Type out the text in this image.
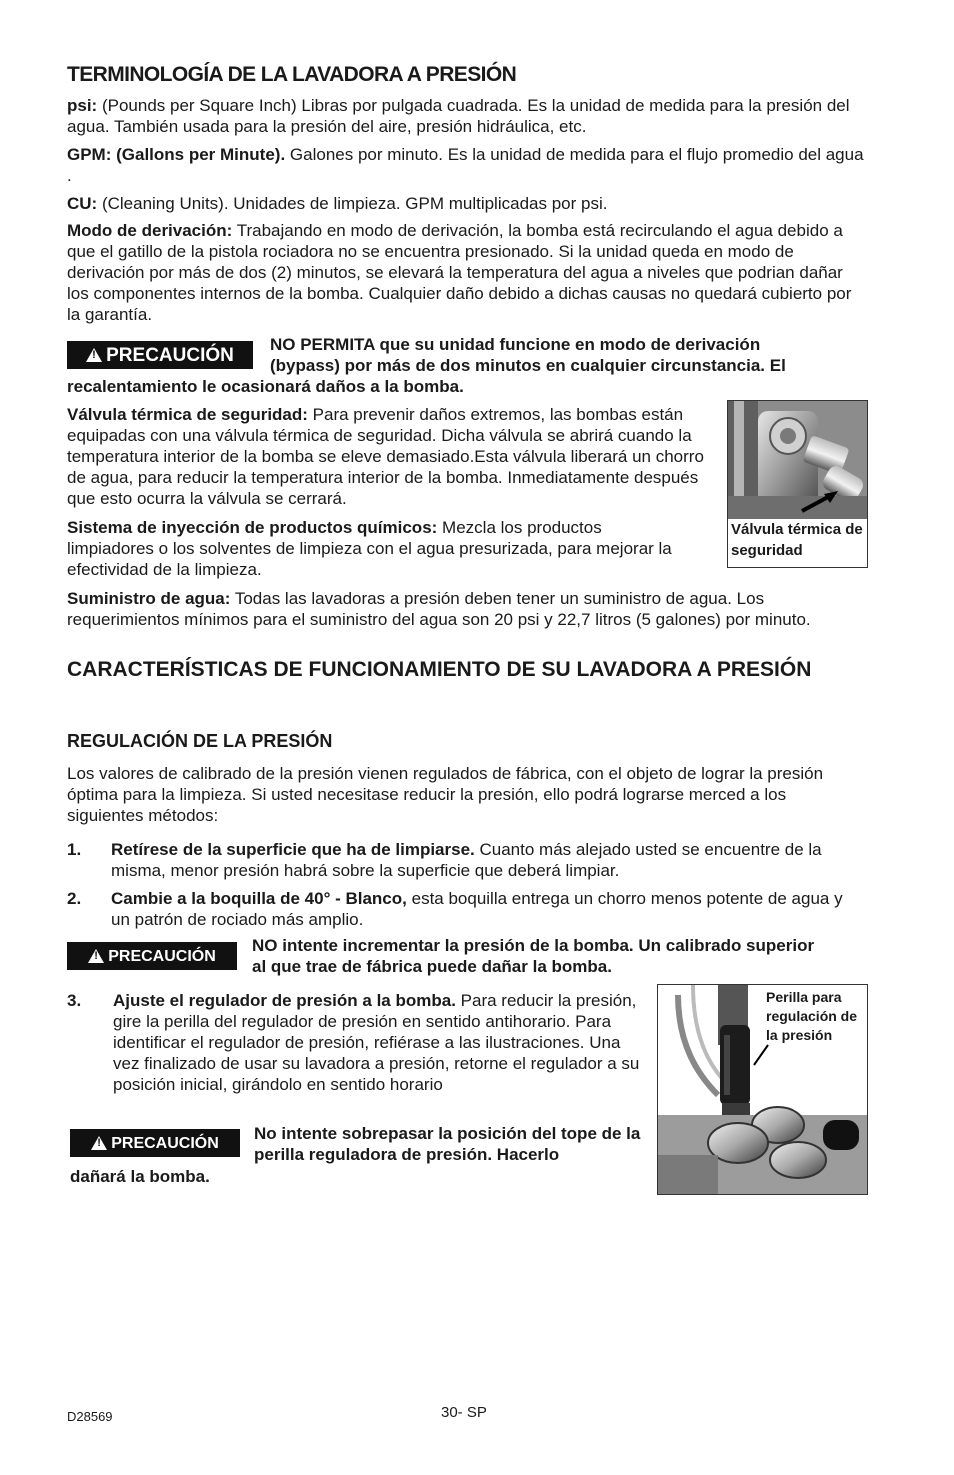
TERMINOLOGÍA DE LA LAVADORA A PRESIÓN

psi: (Pounds per Square Inch) Libras por pulgada cuadrada. Es la unidad de medida para la presión del agua. También usada para la presión del aire, presión hidráulica, etc.

GPM: (Gallons per Minute). Galones por minuto. Es la unidad de medida para el flujo promedio del agua .

CU: (Cleaning Units). Unidades de limpieza. GPM multiplicadas por psi.

Modo de derivación: Trabajando en modo de derivación, la bomba está recirculando el agua debido a que el gatillo de la pistola rociadora no se encuentra presionado. Si la unidad queda en modo de derivación por más de dos (2) minutos, se elevará la temperatura del agua a niveles que podrian dañar los componentes internos de la bomba. Cualquier daño debido a dichas causas no quedará cubierto por la garantía.

!
PRECAUCIÓN NO PERMITA que su unidad funcione en modo de derivación

(bypass) por más de dos minutos en cualquier circunstancia. El

recalentamiento le ocasionará daños a la bomba.

Válvula térmica de seguridad: Para prevenir daños extremos, las bombas están equipadas con una válvula térmica de seguridad. Dicha válvula se abrirá cuando la temperatura interior de la bomba se eleve demasiado.Esta válvula liberará un chorro de agua, para reducir la temperatura interior de la bomba. Inmediatamente después que esto ocurra la válvula se cerrará.

Válvula térmica de seguridad

Sistema de inyección de productos químicos: Mezcla los productos limpiadores o los solventes de limpieza con el agua presurizada, para mejorar la efectividad de la limpieza.

Suministro de agua: Todas las lavadoras a presión deben tener un suministro de agua. Los requerimientos mínimos para el suministro del agua son 20 psi y 22,7 litros (5 galones) por minuto.

CARACTERÍSTICAS DE FUNCIONAMIENTO DE SU LAVADORA A PRESIÓN
REGULACIÓN DE LA PRESIÓN

Los valores de calibrado de la presión vienen regulados de fábrica, con el objeto de lograr la presión óptima para la limpieza. Si usted necesitase reducir la presión, ello podrá lograrse merced a los siguientes métodos:

1. Retírese de la superficie que ha de limpiarse. Cuanto más alejado usted se encuentre de la misma, menor presión habrá sobre la superficie que deberá limpiar.

2. Cambie a la boquilla de 40° - Blanco, esta boquilla entrega un chorro menos potente de agua y un patrón de rociado más amplio.

!
PRECAUCIÓN

NO intente incrementar la presión de la bomba. Un calibrado superior al que trae de fábrica puede dañar la bomba.

3. Ajuste el regulador de presión a la bomba. Para reducir la presión, gire la perilla del regulador de presión en sentido antihorario. Para identificar el regulador de presión, refiérase a las ilustraciones. Una vez finalizado de usar su lavadora a presión, retorne el regulador a su posición inicial, girándolo en sentido horario

Perilla para regulación de la presión
!
PRECAUCIÓN No intente sobrepasar la posición del tope de la perilla reguladora de presión. Hacerlo

dañará la bomba.

D28569	30- SP
